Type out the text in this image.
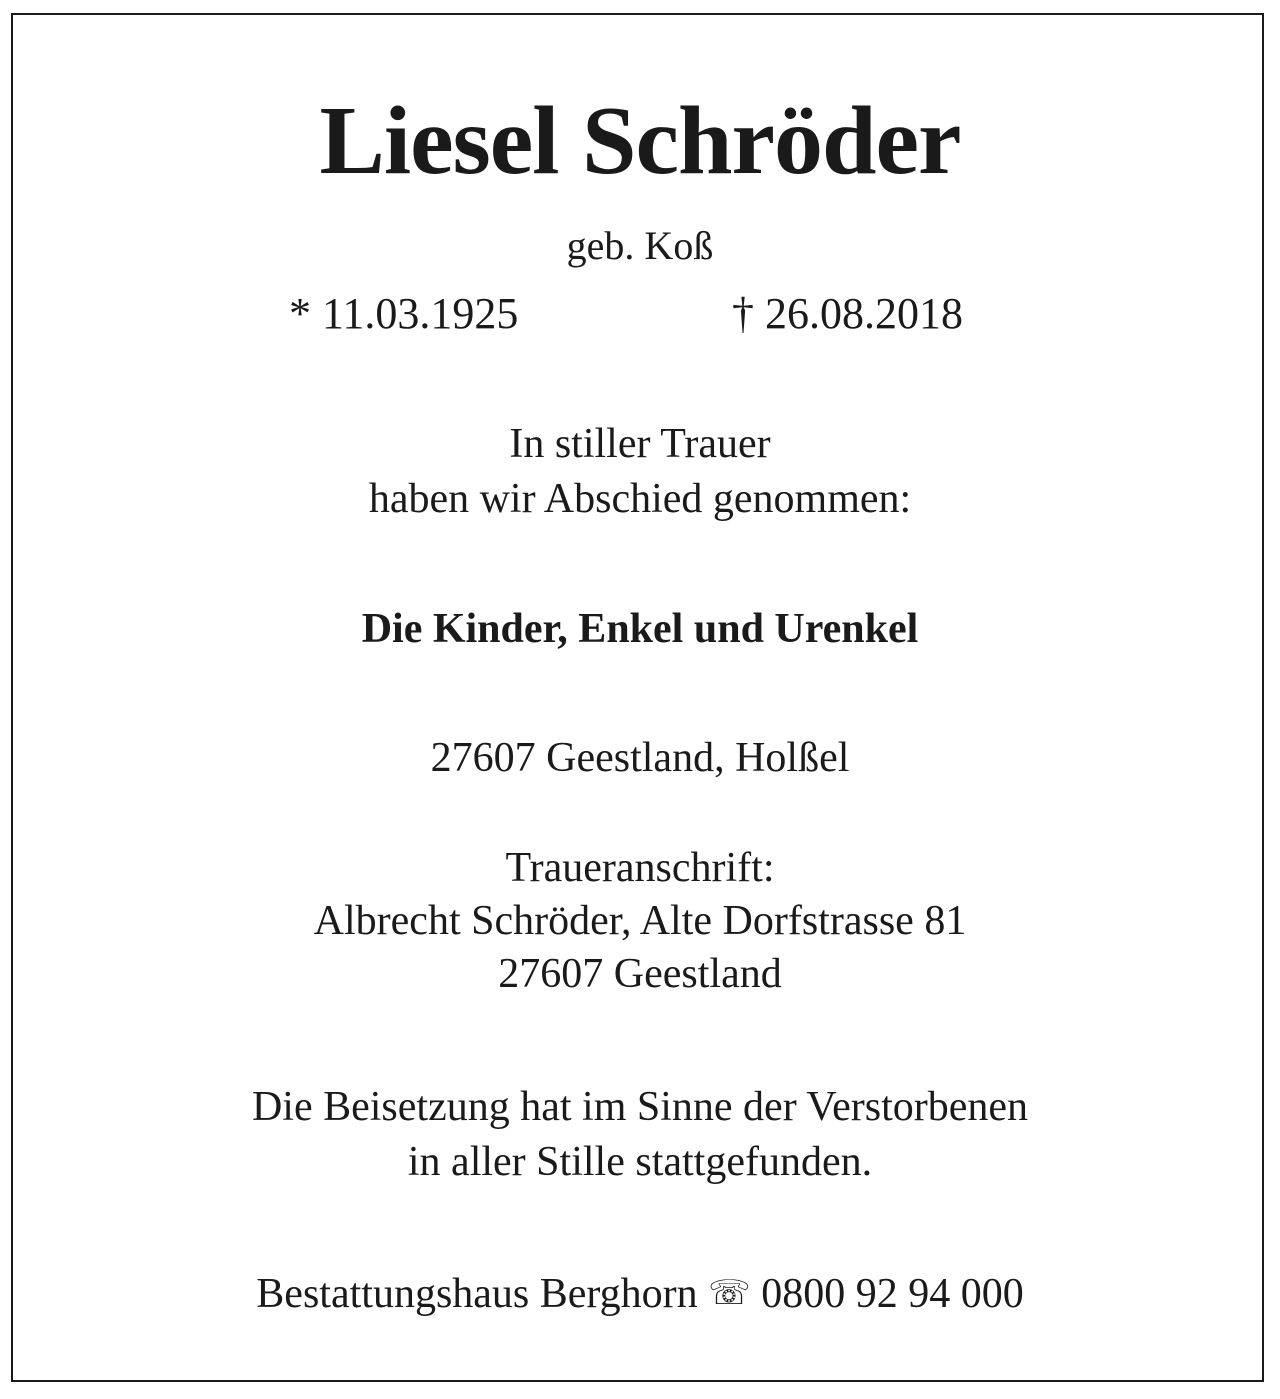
Liesel Schröder
geb. Koß
* 11.03.1925	† 26.08.2018
In stiller Trauer
haben wir Abschied genommen:
Die Kinder, Enkel und Urenkel
27607 Geestland, Holßel
Traueranschrift:
Albrecht Schröder, Alte Dorfstrasse 81
27607 Geestland
Die Beisetzung hat im Sinne der Verstorbenen
in aller Stille stattgefunden.
Bestattungshaus Berghorn ☏ 0800 92 94 000
